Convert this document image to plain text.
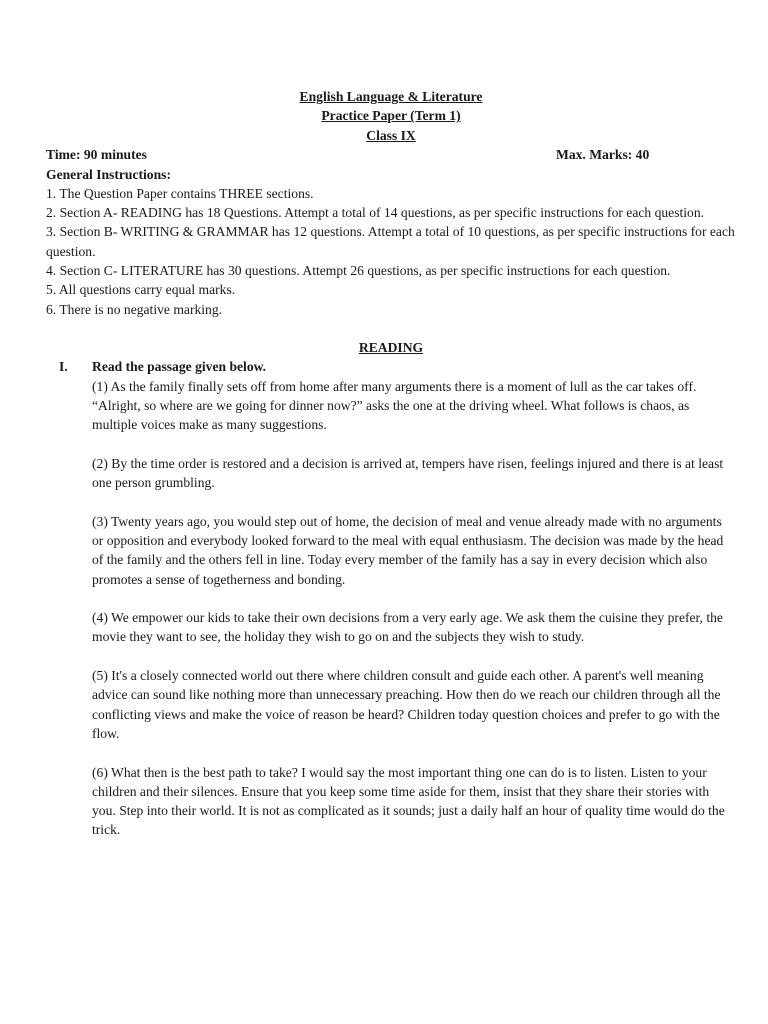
English Language & Literature
Practice Paper (Term 1)
Class IX
Time: 90 minutes	Max. Marks: 40

General Instructions:

1. The Question Paper contains THREE sections.

2. Section A- READING has 18 Questions. Attempt a total of 14 questions, as per specific instructions for each question.

3. Section B- WRITING & GRAMMAR has 12 questions. Attempt a total of 10 questions, as per specific instructions for each question.

4. Section C- LITERATURE has 30 questions. Attempt 26 questions, as per specific instructions for each question.

5. All questions carry equal marks.

6. There is no negative marking.

READING
I. Read the passage given below.

(1) As the family finally sets off from home after many arguments there is a moment of lull as the car takes off. “Alright, so where are we going for dinner now?” asks the one at the driving wheel. What follows is chaos, as multiple voices make as many suggestions.

(2) By the time order is restored and a decision is arrived at, tempers have risen, feelings injured and there is at least one person grumbling.

(3) Twenty years ago, you would step out of home, the decision of meal and venue already made with no arguments or opposition and everybody looked forward to the meal with equal enthusiasm. The decision was made by the head of the family and the others fell in line. Today every member of the family has a say in every decision which also promotes a sense of togetherness and bonding.

(4) We empower our kids to take their own decisions from a very early age. We ask them the cuisine they prefer, the movie they want to see, the holiday they wish to go on and the subjects they wish to study.

(5) It's a closely connected world out there where children consult and guide each other. A parent's well meaning advice can sound like nothing more than unnecessary preaching. How then do we reach our children through all the conflicting views and make the voice of reason be heard? Children today question choices and prefer to go with the flow.

(6) What then is the best path to take? I would say the most important thing one can do is to listen. Listen to your children and their silences. Ensure that you keep some time aside for them, insist that they share their stories with you. Step into their world. It is not as complicated as it sounds; just a daily half an hour of quality time would do the trick.
